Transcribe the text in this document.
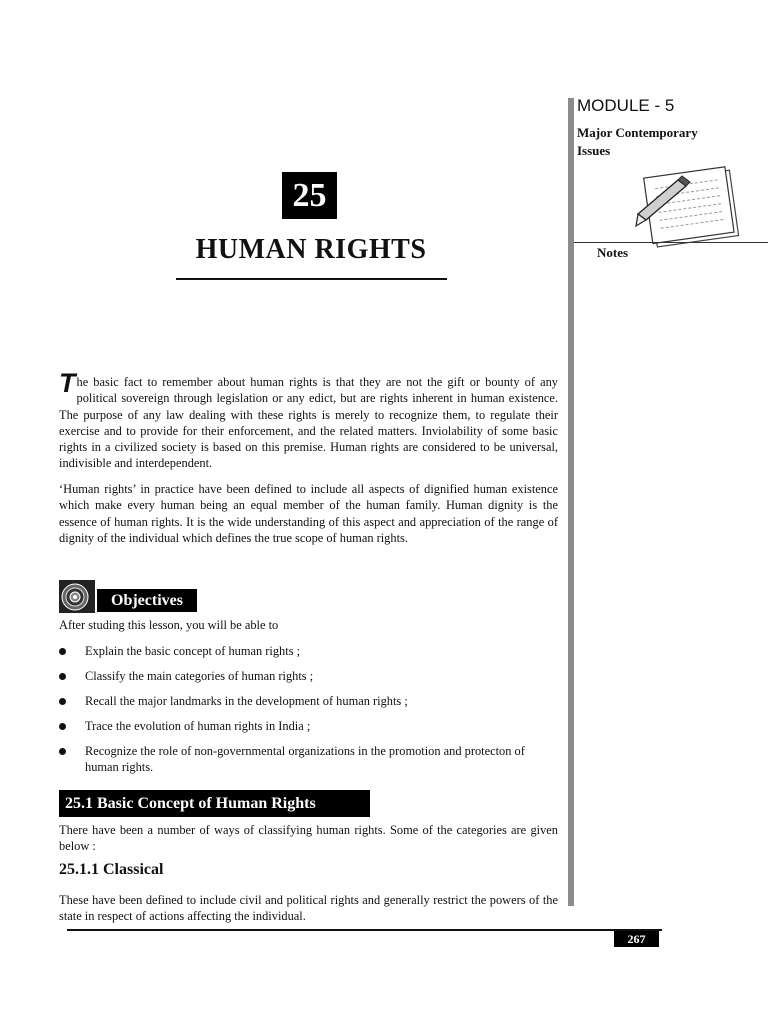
MODULE - 5
Major Contemporary Issues
Notes
25
HUMAN RIGHTS

The basic fact to remember about human rights is that they are not the gift or bounty of any political sovereign through legislation or any edict, but are rights inherent in human existence. The purpose of any law dealing with these rights is merely to recognize them, to regulate their exercise and to provide for their enforcement, and the related matters. Inviolability of some basic rights in a civilized society is based on this premise. Human rights are considered to be universal, indivisible and interdependent.

‘Human rights’ in practice have been defined to include all aspects of dignified human existence which make every human being an equal member of the human family. Human dignity is the essence of human rights. It is the wide understanding of this aspect and appreciation of the range of dignity of the individual which defines the true scope of human rights.

Objectives
After studing this lesson, you will be able to
Explain the basic concept of human rights ;
Classify the main categories of human rights ;
Recall the major landmarks in the development of human rights ;
Trace the evolution of human rights in India ;
Recognize the role of non-governmental organizations in the promotion and protecton of human rights.
25.1 Basic Concept of Human Rights

There have been a number of ways of classifying human rights. Some of the categories are given below :

25.1.1 Classical

These have been defined to include civil and political rights and generally restrict the powers of the state in respect of actions affecting the individual.

267
